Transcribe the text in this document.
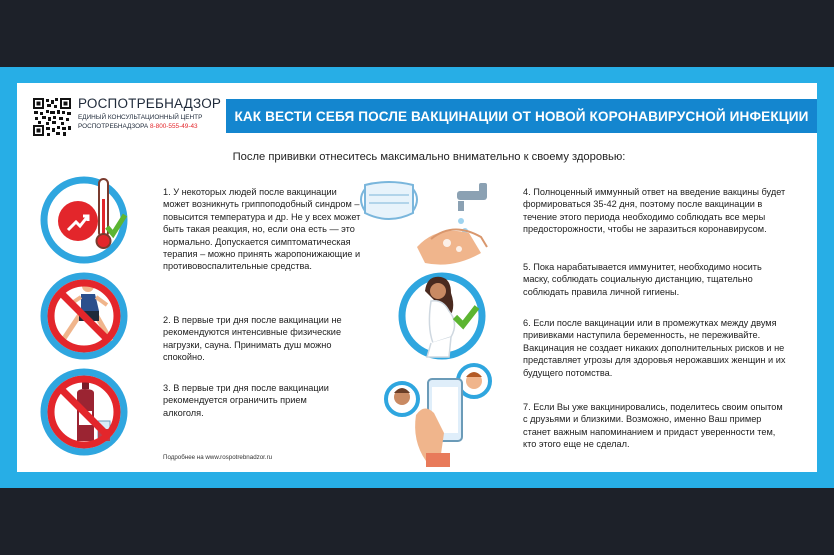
РОСПОТРЕБНАДЗОР
ЕДИНЫЙ КОНСУЛЬТАЦИОННЫЙ ЦЕНТР
РОСПОТРЕБНАДЗОРА 8-800-555-49-43
КАК ВЕСТИ СЕБЯ ПОСЛЕ ВАКЦИНАЦИИ ОТ НОВОЙ КОРОНАВИРУСНОЙ ИНФЕКЦИИ
После прививки отнеситесь максимально внимательно к своему здоровью:
1. У некоторых людей после вакцинации может возникнуть гриппоподобный синдром – повысится температура и др. Не у всех может быть такая реакция, но, если она есть — это нормально. Допускается симптоматическая терапия – можно принять жаропонижающие и противовоспалительные средства.
2. В первые три дня после вакцинации не рекомендуются интенсивные физические нагрузки, сауна. Принимать душ можно спокойно.
3. В первые три дня после вакцинации рекомендуется ограничить прием алкоголя.
Подробнее на www.rospotrebnadzor.ru
4. Полноценный иммунный ответ на введение вакцины будет формироваться 35-42 дня, поэтому после вакцинации в течение этого периода необходимо соблюдать все меры предосторожности, чтобы не заразиться коронавирусом.
5. Пока нарабатывается иммунитет, необходимо носить маску, соблюдать социальную дистанцию, тщательно соблюдать правила личной гигиены.
6. Если после вакцинации или в промежутках между двумя прививками наступила беременность, не переживайте. Вакцинация не создает никаких дополнительных рисков и не представляет угрозы для здоровья нерожавших женщин и их будущего потомства.
7. Если Вы уже вакцинировались, поделитесь своим опытом с друзьями и близкими. Возможно, именно Ваш пример станет важным напоминанием и придаст уверенности тем, кто этого еще не сделал.
